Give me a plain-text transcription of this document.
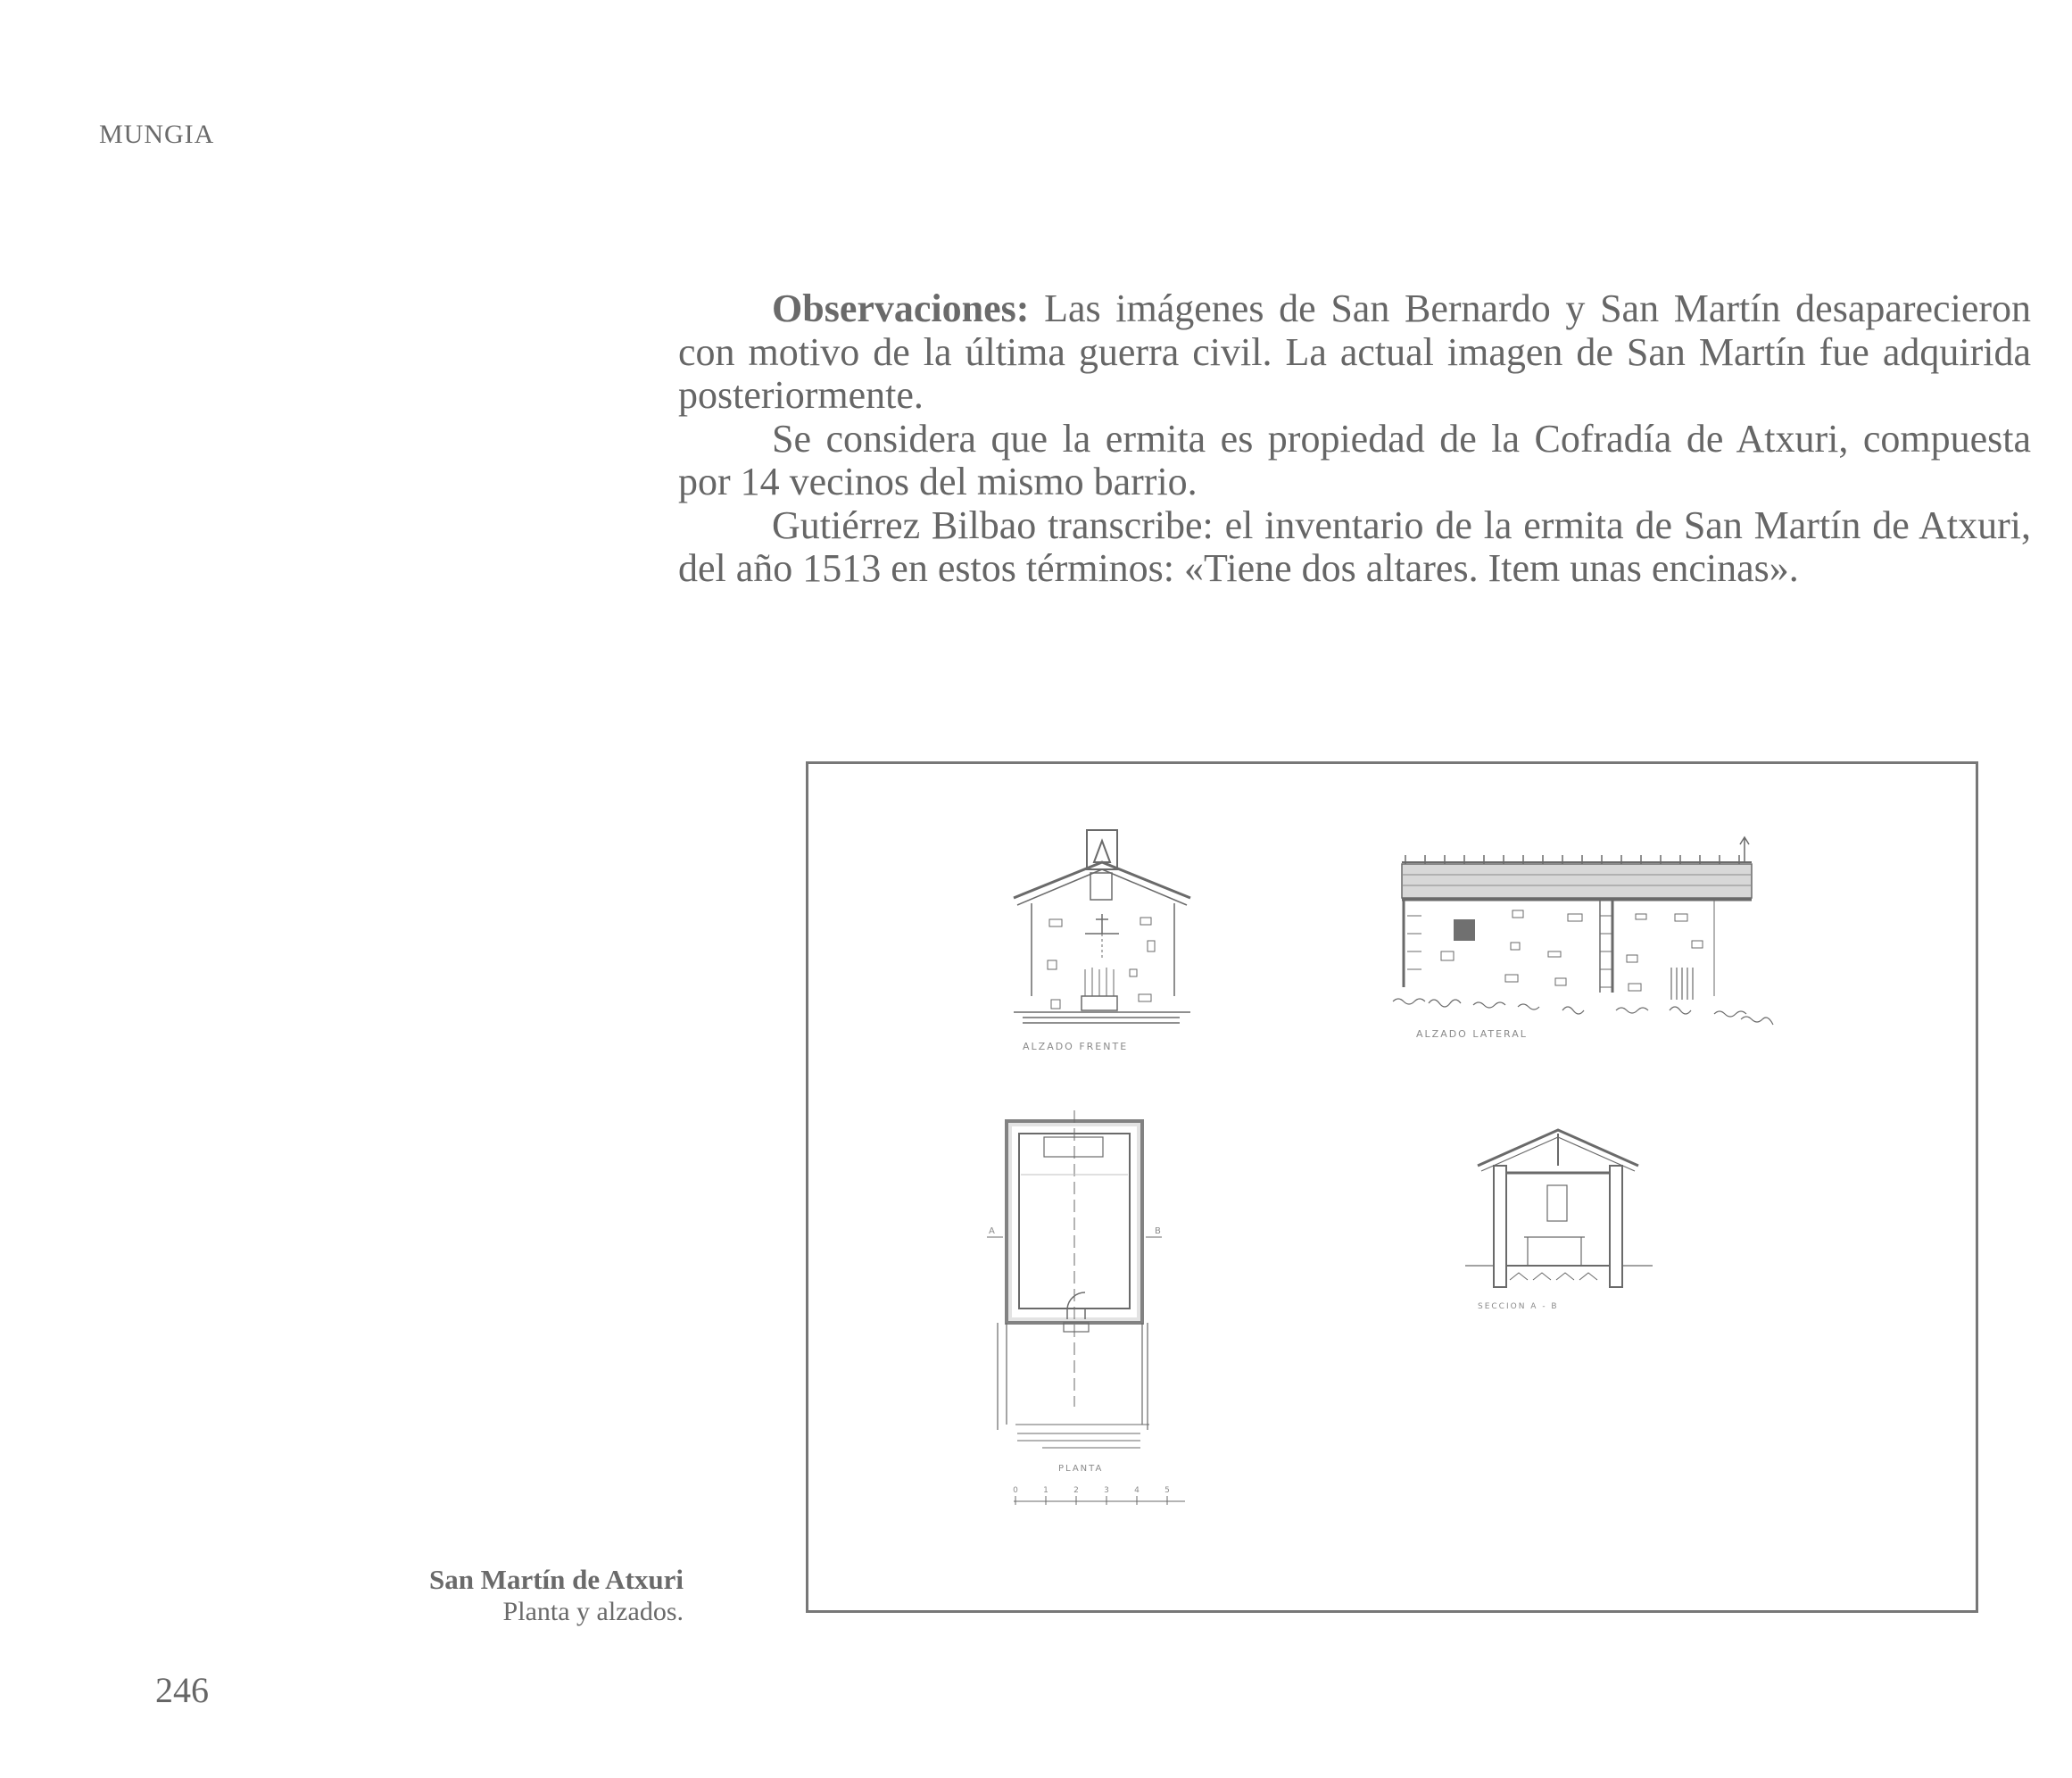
MUNGIA

Observaciones: Las imágenes de San Bernardo y San Martín desaparecieron con motivo de la última guerra civil. La actual imagen de San Martín fue adquirida posteriormente.

Se considera que la ermita es propiedad de la Cofradía de Atxuri, compuesta por 14 vecinos del mismo barrio.

Gutiérrez Bilbao transcribe: el inventario de la ermita de San Martín de Atxuri, del año 1513 en estos términos: «Tiene dos altares. Item unas encinas».

ALZADO FRENTE
ALZADO LATERAL
A	B
PLANTA
0	1	2	3	4	5
SECCION A - B
San Martín de Atxuri
Planta y alzados.
246
